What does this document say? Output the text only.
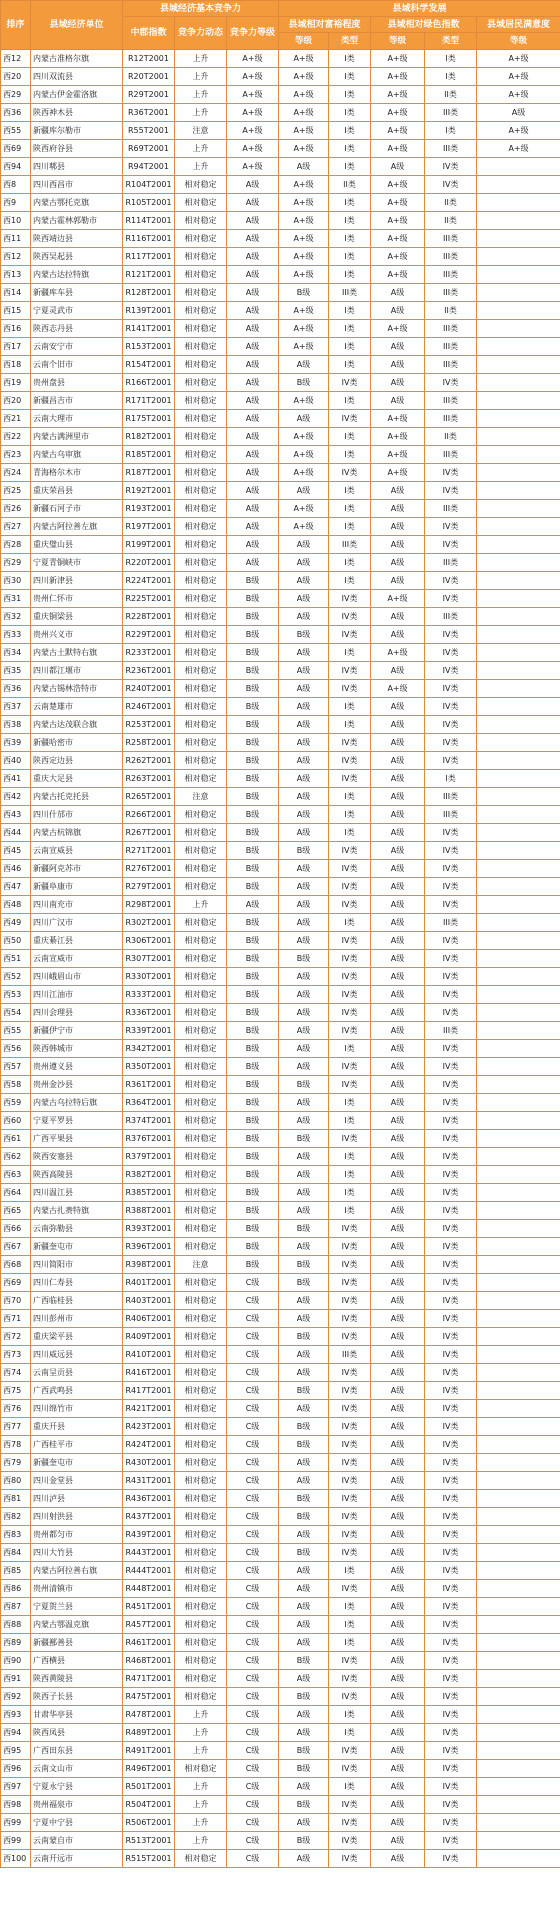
排序	县域经济单位	县域经济基本竞争力			县域科学发展				
		中郡指数	竞争力动态	竞争力等级	县域相对富裕程度		县域相对绿色指数		县域居民满意度
					等级	类型	等级	类型	等级
西12	内蒙古准格尔旗	R12T2001	上升	A+级	A+级	I类	A+级	I类	A+级
西20	四川双流县	R20T2001	上升	A+级	A+级	I类	A+级	I类	A+级
西29	内蒙古伊金霍洛旗	R29T2001	上升	A+级	A+级	I类	A+级	II类	A+级
西36	陕西神木县	R36T2001	上升	A+级	A+级	I类	A+级	III类	A级
西55	新疆库尔勒市	R55T2001	注意	A+级	A+级	I类	A+级	I类	A+级
西69	陕西府谷县	R69T2001	上升	A+级	A+级	I类	A+级	III类	A+级
西94	四川郫县	R94T2001	上升	A+级	A级	I类	A级	IV类	
西8	四川西昌市	R104T2001	相对稳定	A级	A+级	II类	A+级	IV类	
西9	内蒙古鄂托克旗	R105T2001	相对稳定	A级	A+级	I类	A+级	II类	
西10	内蒙古霍林郭勒市	R114T2001	相对稳定	A级	A+级	I类	A+级	II类	
西11	陕西靖边县	R116T2001	相对稳定	A级	A+级	I类	A+级	III类	
西12	陕西吴起县	R117T2001	相对稳定	A级	A+级	I类	A+级	III类	
西13	内蒙古达拉特旗	R121T2001	相对稳定	A级	A+级	I类	A+级	III类	
西14	新疆库车县	R128T2001	相对稳定	A级	B级	III类	A级	III类	
西15	宁夏灵武市	R139T2001	相对稳定	A级	A+级	I类	A级	II类	
西16	陕西志丹县	R141T2001	相对稳定	A级	A+级	I类	A+级	III类	
西17	云南安宁市	R153T2001	相对稳定	A级	A+级	I类	A级	III类	
西18	云南个旧市	R154T2001	相对稳定	A级	A级	I类	A级	III类	
西19	贵州盘县	R166T2001	相对稳定	A级	B级	IV类	A级	IV类	
西20	新疆昌吉市	R171T2001	相对稳定	A级	A+级	I类	A级	III类	
西21	云南大理市	R175T2001	相对稳定	A级	A级	IV类	A+级	III类	
西22	内蒙古满洲里市	R182T2001	相对稳定	A级	A+级	I类	A+级	II类	
西23	内蒙古乌审旗	R185T2001	相对稳定	A级	A+级	I类	A+级	III类	
西24	青海格尔木市	R187T2001	相对稳定	A级	A+级	IV类	A+级	IV类	
西25	重庆荣昌县	R192T2001	相对稳定	A级	A级	I类	A级	IV类	
西26	新疆石河子市	R193T2001	相对稳定	A级	A+级	I类	A级	III类	
西27	内蒙古阿拉善左旗	R197T2001	相对稳定	A级	A+级	I类	A级	IV类	
西28	重庆璧山县	R199T2001	相对稳定	A级	A级	III类	A级	IV类	
西29	宁夏青铜峡市	R220T2001	相对稳定	A级	A级	I类	A级	III类	
西30	四川新津县	R224T2001	相对稳定	B级	A级	I类	A级	IV类	
西31	贵州仁怀市	R225T2001	相对稳定	B级	A级	IV类	A+级	IV类	
西32	重庆铜梁县	R228T2001	相对稳定	B级	A级	IV类	A级	III类	
西33	贵州兴义市	R229T2001	相对稳定	B级	B级	IV类	A级	IV类	
西34	内蒙古土默特右旗	R233T2001	相对稳定	B级	A级	I类	A+级	IV类	
西35	四川都江堰市	R236T2001	相对稳定	B级	A级	IV类	A级	IV类	
西36	内蒙古锡林浩特市	R240T2001	相对稳定	B级	A级	IV类	A+级	IV类	
西37	云南楚雄市	R246T2001	相对稳定	B级	A级	I类	A级	IV类	
西38	内蒙古达茂联合旗	R253T2001	相对稳定	B级	A级	I类	A级	IV类	
西39	新疆哈密市	R258T2001	相对稳定	B级	A级	IV类	A级	IV类	
西40	陕西定边县	R262T2001	相对稳定	B级	A级	IV类	A级	IV类	
西41	重庆大足县	R263T2001	相对稳定	B级	A级	IV类	A级	I类	
西42	内蒙古托克托县	R265T2001	注意	B级	A级	I类	A级	III类	
西43	四川什邡市	R266T2001	相对稳定	B级	A级	I类	A级	III类	
西44	内蒙古杭锦旗	R267T2001	相对稳定	B级	A级	I类	A级	IV类	
西45	云南宣威县	R271T2001	相对稳定	B级	B级	IV类	A级	IV类	
西46	新疆阿克苏市	R276T2001	相对稳定	B级	A级	IV类	A级	IV类	
西47	新疆阜康市	R279T2001	相对稳定	B级	A级	IV类	A级	IV类	
西48	四川南充市	R298T2001	上升	A级	A级	IV类	A级	IV类	
西49	四川广汉市	R302T2001	相对稳定	B级	A级	I类	A级	III类	
西50	重庆綦江县	R306T2001	相对稳定	B级	A级	IV类	A级	IV类	
西51	云南宣威市	R307T2001	相对稳定	B级	B级	IV类	A级	IV类	
西52	四川峨眉山市	R330T2001	相对稳定	B级	A级	IV类	A级	IV类	
西53	四川江油市	R333T2001	相对稳定	B级	A级	IV类	A级	IV类	
西54	四川会理县	R336T2001	相对稳定	B级	A级	IV类	A级	IV类	
西55	新疆伊宁市	R339T2001	相对稳定	B级	A级	IV类	A级	III类	
西56	陕西韩城市	R342T2001	相对稳定	B级	A级	I类	A级	IV类	
西57	贵州遵义县	R350T2001	相对稳定	B级	A级	IV类	A级	IV类	
西58	贵州金沙县	R361T2001	相对稳定	B级	B级	IV类	A级	IV类	
西59	内蒙古乌拉特后旗	R364T2001	相对稳定	B级	A级	I类	A级	IV类	
西60	宁夏平罗县	R374T2001	相对稳定	B级	A级	I类	A级	IV类	
西61	广西平果县	R376T2001	相对稳定	B级	B级	IV类	A级	IV类	
西62	陕西安塞县	R379T2001	相对稳定	B级	A级	I类	A级	IV类	
西63	陕西高陵县	R382T2001	相对稳定	B级	A级	I类	A级	IV类	
西64	四川温江县	R385T2001	相对稳定	B级	A级	I类	A级	IV类	
西65	内蒙古扎赉特旗	R388T2001	相对稳定	B级	A级	I类	A级	IV类	
西66	云南弥勒县	R393T2001	相对稳定	B级	B级	IV类	A级	IV类	
西67	新疆奎屯市	R396T2001	相对稳定	B级	A级	IV类	A级	IV类	
西68	四川简阳市	R398T2001	注意	B级	B级	IV类	A级	IV类	
西69	四川仁寿县	R401T2001	相对稳定	C级	B级	IV类	A级	IV类	
西70	广西临桂县	R403T2001	相对稳定	C级	A级	IV类	A级	IV类	
西71	四川彭州市	R406T2001	相对稳定	C级	A级	IV类	A级	IV类	
西72	重庆梁平县	R409T2001	相对稳定	C级	B级	IV类	A级	IV类	
西73	四川威远县	R410T2001	相对稳定	C级	A级	III类	A级	IV类	
西74	云南呈贡县	R416T2001	相对稳定	C级	A级	IV类	A级	IV类	
西75	广西武鸣县	R417T2001	相对稳定	C级	B级	IV类	A级	IV类	
西76	四川绵竹市	R421T2001	相对稳定	C级	A级	IV类	A级	IV类	
西77	重庆开县	R423T2001	相对稳定	C级	B级	IV类	A级	IV类	
西78	广西桂平市	R424T2001	相对稳定	C级	B级	IV类	A级	IV类	
西79	新疆奎屯市	R430T2001	相对稳定	C级	A级	IV类	A级	IV类	
西80	四川金堂县	R431T2001	相对稳定	C级	A级	IV类	A级	IV类	
西81	四川泸县	R436T2001	相对稳定	C级	B级	IV类	A级	IV类	
西82	四川射洪县	R437T2001	相对稳定	C级	B级	IV类	A级	IV类	
西83	贵州都匀市	R439T2001	相对稳定	C级	A级	IV类	A级	IV类	
西84	四川大竹县	R443T2001	相对稳定	C级	B级	IV类	A级	IV类	
西85	内蒙古阿拉善右旗	R444T2001	相对稳定	C级	A级	I类	A级	IV类	
西86	贵州清镇市	R448T2001	相对稳定	C级	A级	IV类	A级	IV类	
西87	宁夏贺兰县	R451T2001	相对稳定	C级	A级	I类	A级	IV类	
西88	内蒙古鄂温克旗	R457T2001	相对稳定	C级	A级	I类	A级	IV类	
西89	新疆鄯善县	R461T2001	相对稳定	C级	A级	I类	A级	IV类	
西90	广西横县	R468T2001	相对稳定	C级	B级	IV类	A级	IV类	
西91	陕西黄陵县	R471T2001	相对稳定	C级	A级	IV类	A级	IV类	
西92	陕西子长县	R475T2001	相对稳定	C级	B级	IV类	A级	IV类	
西93	甘肃华亭县	R478T2001	上升	C级	A级	I类	A级	IV类	
西94	陕西凤县	R489T2001	上升	C级	A级	I类	A级	IV类	
西95	广西田东县	R491T2001	上升	C级	B级	IV类	A级	IV类	
西96	云南文山市	R496T2001	相对稳定	C级	B级	IV类	A级	IV类	
西97	宁夏永宁县	R501T2001	上升	C级	A级	I类	A级	IV类	
西98	贵州福泉市	R504T2001	上升	C级	B级	IV类	A级	IV类	
西99	宁夏中宁县	R506T2001	上升	C级	A级	IV类	A级	IV类	
西99	云南蒙自市	R513T2001	上升	C级	B级	IV类	A级	IV类	
西100	云南开远市	R515T2001	相对稳定	C级	A级	IV类	A级	IV类	
